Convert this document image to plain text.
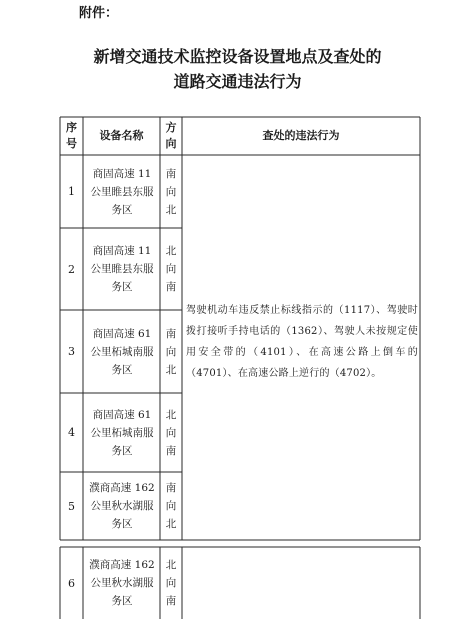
附件：
新增交通技术监控设备设置地点及查处的
道路交通违法行为
序号
设备名称
方向
查处的违法行为
1
商固高速 11 公里睢县东服务区
南向北
2
商固高速 11 公里睢县东服务区
北向南
3
商固高速 61 公里柘城南服务区
南向北
4
商固高速 61 公里柘城南服务区
北向南
5
濮商高速 162 公里秋水湖服务区
南向北
6
濮商高速 162 公里秋水湖服务区
北向南
驾驶机动车违反禁止标线指示的（1117）、驾驶时拨打接听手持电话的（1362）、驾驶人未按规定使用安全带的（4101）、在高速公路上倒车的（4701）、在高速公路上逆行的（4702）。
